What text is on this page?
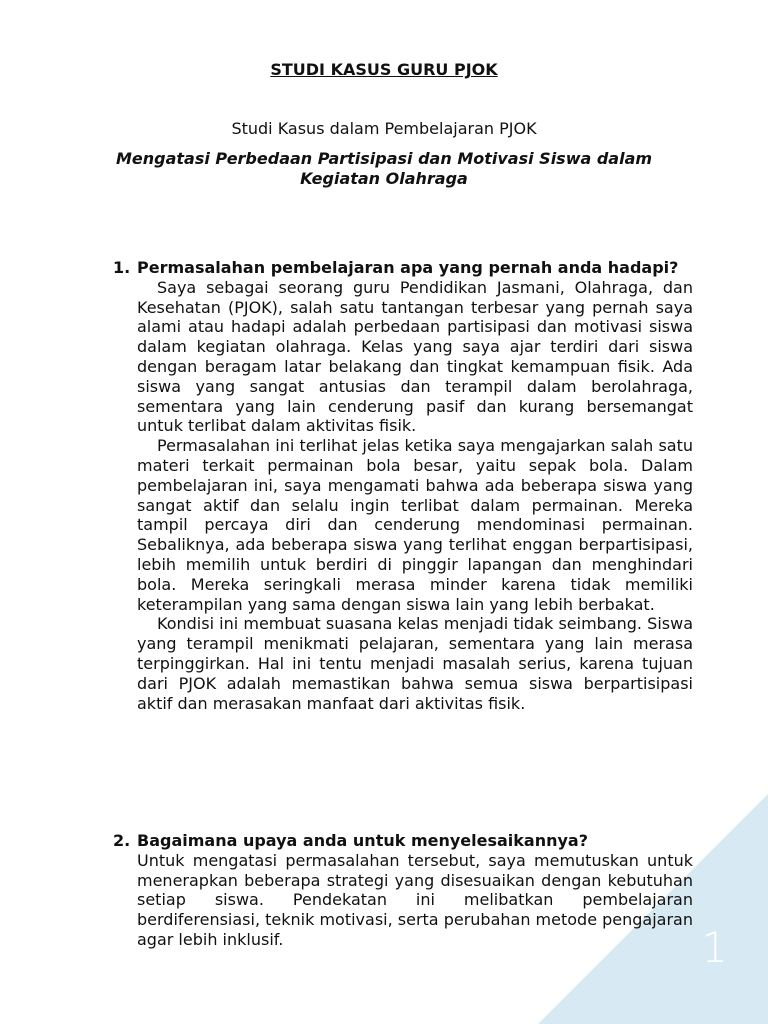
1
STUDI KASUS GURU PJOK
Studi Kasus dalam Pembelajaran PJOK
Mengatasi Perbedaan Partisipasi dan Motivasi Siswa dalam Kegiatan Olahraga
1. Permasalahan pembelajaran apa yang pernah anda hadapi?

Saya sebagai seorang guru Pendidikan Jasmani, Olahraga, dan Kesehatan (PJOK), salah satu tantangan terbesar yang pernah saya alami atau hadapi adalah perbedaan partisipasi dan motivasi siswa dalam kegiatan olahraga. Kelas yang saya ajar terdiri dari siswa dengan beragam latar belakang dan tingkat kemampuan fisik. Ada siswa yang sangat antusias dan terampil dalam berolahraga, sementara yang lain cenderung pasif dan kurang bersemangat untuk terlibat dalam aktivitas fisik.

Permasalahan ini terlihat jelas ketika saya mengajarkan salah satu materi terkait permainan bola besar, yaitu sepak bola. Dalam pembelajaran ini, saya mengamati bahwa ada beberapa siswa yang sangat aktif dan selalu ingin terlibat dalam permainan. Mereka tampil percaya diri dan cenderung mendominasi permainan. Sebaliknya, ada beberapa siswa yang terlihat enggan berpartisipasi, lebih memilih untuk berdiri di pinggir lapangan dan menghindari bola. Mereka seringkali merasa minder karena tidak memiliki keterampilan yang sama dengan siswa lain yang lebih berbakat.

Kondisi ini membuat suasana kelas menjadi tidak seimbang. Siswa yang terampil menikmati pelajaran, sementara yang lain merasa terpinggirkan. Hal ini tentu menjadi masalah serius, karena tujuan dari PJOK adalah memastikan bahwa semua siswa berpartisipasi aktif dan merasakan manfaat dari aktivitas fisik.

2. Bagaimana upaya anda untuk menyelesaikannya?

Untuk mengatasi permasalahan tersebut, saya memutuskan untuk menerapkan beberapa strategi yang disesuaikan dengan kebutuhan setiap siswa. Pendekatan ini melibatkan pembelajaran berdiferensiasi, teknik motivasi, serta perubahan metode pengajaran agar lebih inklusif.
